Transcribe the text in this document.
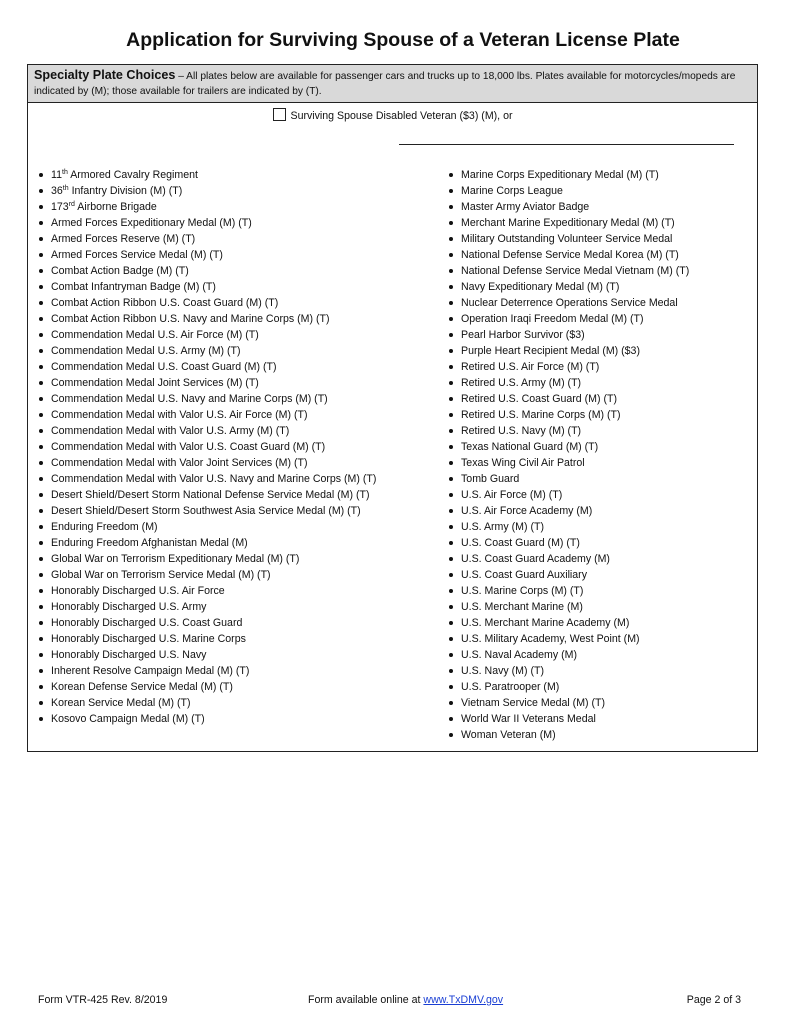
Application for Surviving Spouse of a Veteran License Plate
Specialty Plate Choices – All plates below are available for passenger cars and trucks up to 18,000 lbs. Plates available for motorcycles/mopeds are indicated by (M); those available for trailers are indicated by (T).
Surviving Spouse Disabled Veteran ($3) (M), or
11th Armored Cavalry Regiment
36th Infantry Division (M) (T)
173rd Airborne Brigade
Armed Forces Expeditionary Medal (M) (T)
Armed Forces Reserve (M) (T)
Armed Forces Service Medal (M) (T)
Combat Action Badge (M) (T)
Combat Infantryman Badge (M) (T)
Combat Action Ribbon U.S. Coast Guard (M) (T)
Combat Action Ribbon U.S. Navy and Marine Corps (M) (T)
Commendation Medal U.S. Air Force (M) (T)
Commendation Medal U.S. Army (M) (T)
Commendation Medal U.S. Coast Guard (M) (T)
Commendation Medal Joint Services (M) (T)
Commendation Medal U.S. Navy and Marine Corps (M) (T)
Commendation Medal with Valor U.S. Air Force (M) (T)
Commendation Medal with Valor U.S. Army (M) (T)
Commendation Medal with Valor U.S. Coast Guard (M) (T)
Commendation Medal with Valor Joint Services (M) (T)
Commendation Medal with Valor U.S. Navy and Marine Corps (M) (T)
Desert Shield/Desert Storm National Defense Service Medal (M) (T)
Desert Shield/Desert Storm Southwest Asia Service Medal (M) (T)
Enduring Freedom (M)
Enduring Freedom Afghanistan Medal (M)
Global War on Terrorism Expeditionary Medal (M) (T)
Global War on Terrorism Service Medal (M) (T)
Honorably Discharged U.S. Air Force
Honorably Discharged U.S. Army
Honorably Discharged U.S. Coast Guard
Honorably Discharged U.S. Marine Corps
Honorably Discharged U.S. Navy
Inherent Resolve Campaign Medal (M) (T)
Korean Defense Service Medal (M) (T)
Korean Service Medal (M) (T)
Kosovo Campaign Medal (M) (T)
Marine Corps Expeditionary Medal (M) (T)
Marine Corps League
Master Army Aviator Badge
Merchant Marine Expeditionary Medal (M) (T)
Military Outstanding Volunteer Service Medal
National Defense Service Medal Korea (M) (T)
National Defense Service Medal Vietnam (M) (T)
Navy Expeditionary Medal (M) (T)
Nuclear Deterrence Operations Service Medal
Operation Iraqi Freedom Medal (M) (T)
Pearl Harbor Survivor ($3)
Purple Heart Recipient Medal (M) ($3)
Retired U.S. Air Force (M) (T)
Retired U.S. Army (M) (T)
Retired U.S. Coast Guard (M) (T)
Retired U.S. Marine Corps (M) (T)
Retired U.S. Navy (M) (T)
Texas National Guard (M) (T)
Texas Wing Civil Air Patrol
Tomb Guard
U.S. Air Force (M) (T)
U.S. Air Force Academy (M)
U.S. Army (M) (T)
U.S. Coast Guard (M) (T)
U.S. Coast Guard Academy (M)
U.S. Coast Guard Auxiliary
U.S. Marine Corps (M) (T)
U.S. Merchant Marine (M)
U.S. Merchant Marine Academy (M)
U.S. Military Academy, West Point (M)
U.S. Naval Academy (M)
U.S. Navy (M) (T)
U.S. Paratrooper (M)
Vietnam Service Medal (M) (T)
World War II Veterans Medal
Woman Veteran (M)
Form VTR-425 Rev. 8/2019	Form available online at www.TxDMV.gov	Page 2 of 3
